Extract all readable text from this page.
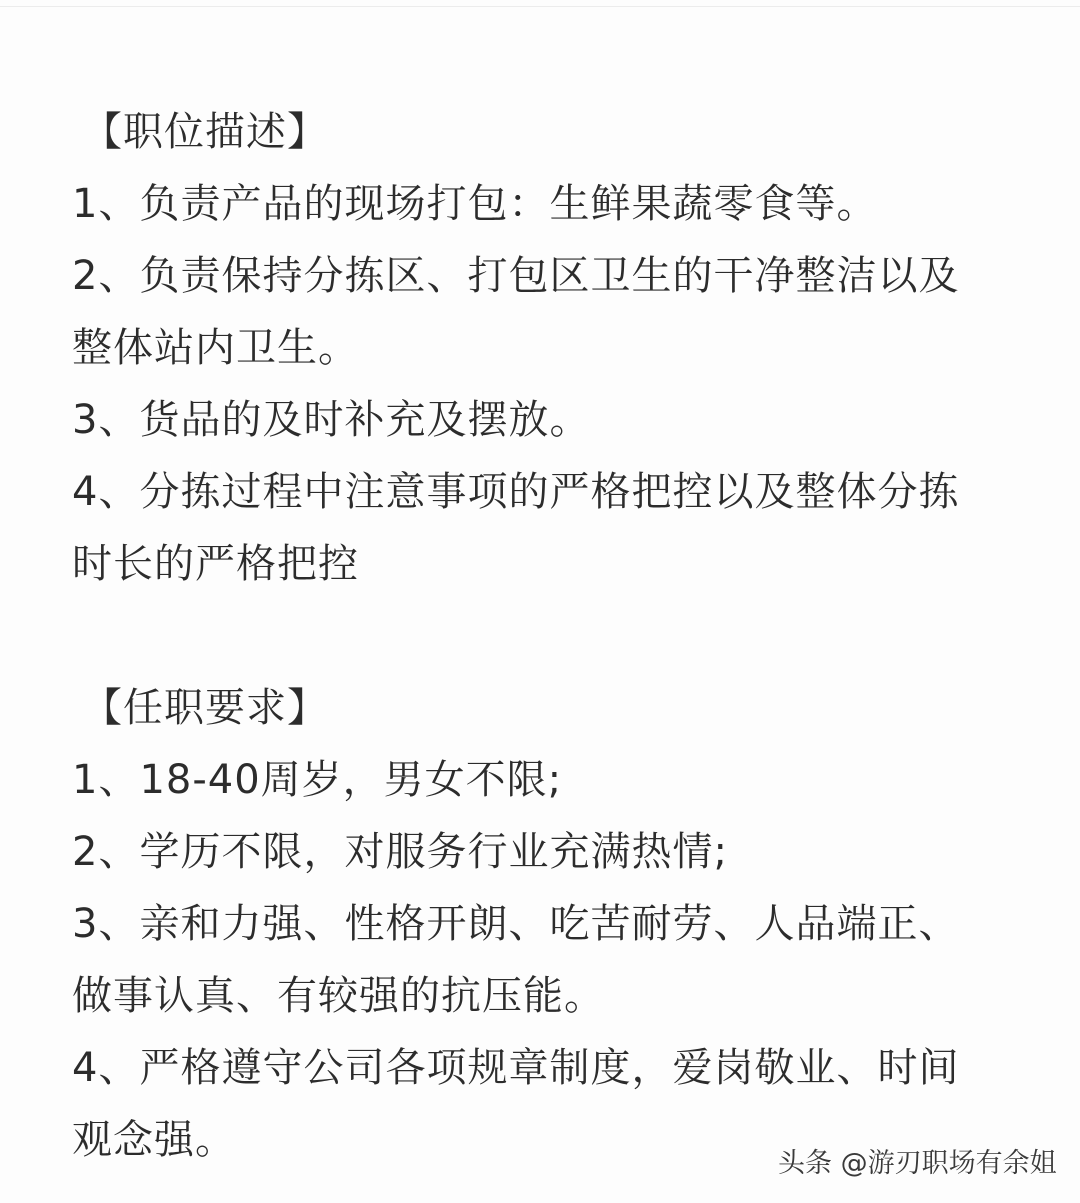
【职位描述】
1、负责产品的现场打包：生鲜果蔬零食等。
2、负责保持分拣区、打包区卫生的干净整洁以及
整体站内卫生。
3、货品的及时补充及摆放。
4、分拣过程中注意事项的严格把控以及整体分拣
时长的严格把控
【任职要求】
1、18-40周岁，男女不限;
2、学历不限，对服务行业充满热情;
3、亲和力强、性格开朗、吃苦耐劳、人品端正、
做事认真、有较强的抗压能。
4、严格遵守公司各项规章制度，爱岗敬业、时间
观念强。
头条 @游刃职场有余姐
